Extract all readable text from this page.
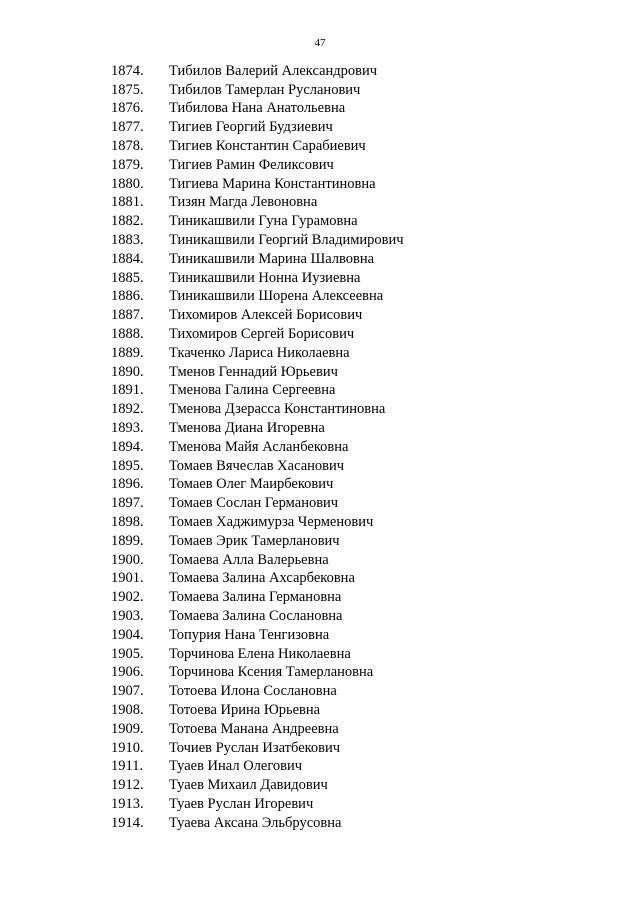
47
1874.	Тибилов Валерий Александрович
1875.	Тибилов Тамерлан Русланович
1876.	Тибилова Нана Анатольевна
1877.	Тигиев Георгий Будзиевич
1878.	Тигиев Константин Сарабиевич
1879.	Тигиев Рамин Феликсович
1880.	Тигиева Марина Константиновна
1881.	Тизян Магда Левоновна
1882.	Тиникашвили Гуна Гурамовна
1883.	Тиникашвили Георгий Владимирович
1884.	Тиникашвили Марина Шалвовна
1885.	Тиникашвили Нонна Иузиевна
1886.	Тиникашвили Шорена Алексеевна
1887.	Тихомиров Алексей Борисович
1888.	Тихомиров Сергей Борисович
1889.	Ткаченко Лариса Николаевна
1890.	Тменов Геннадий Юрьевич
1891.	Тменова Галина Сергеевна
1892.	Тменова Дзерасса Константиновна
1893.	Тменова Диана Игоревна
1894.	Тменова Майя Асланбековна
1895.	Томаев Вячеслав Хасанович
1896.	Томаев Олег Маирбекович
1897.	Томаев Сослан Германович
1898.	Томаев Хаджимурза Черменович
1899.	Томаев Эрик Тамерланович
1900.	Томаева Алла Валерьевна
1901.	Томаева Залина Ахсарбековна
1902.	Томаева Залина Германовна
1903.	Томаева Залина Сослановна
1904.	Топурия Нана Тенгизовна
1905.	Торчинова Елена Николаевна
1906.	Торчинова Ксения Тамерлановна
1907.	Тотоева Илона Сослановна
1908.	Тотоева Ирина Юрьевна
1909.	Тотоева Манана Андреевна
1910.	Точиев Руслан Изатбекович
1911.	Туаев Инал Олегович
1912.	Туаев Михаил Давидович
1913.	Туаев Руслан Игоревич
1914.	Туаева Аксана Эльбрусовна
